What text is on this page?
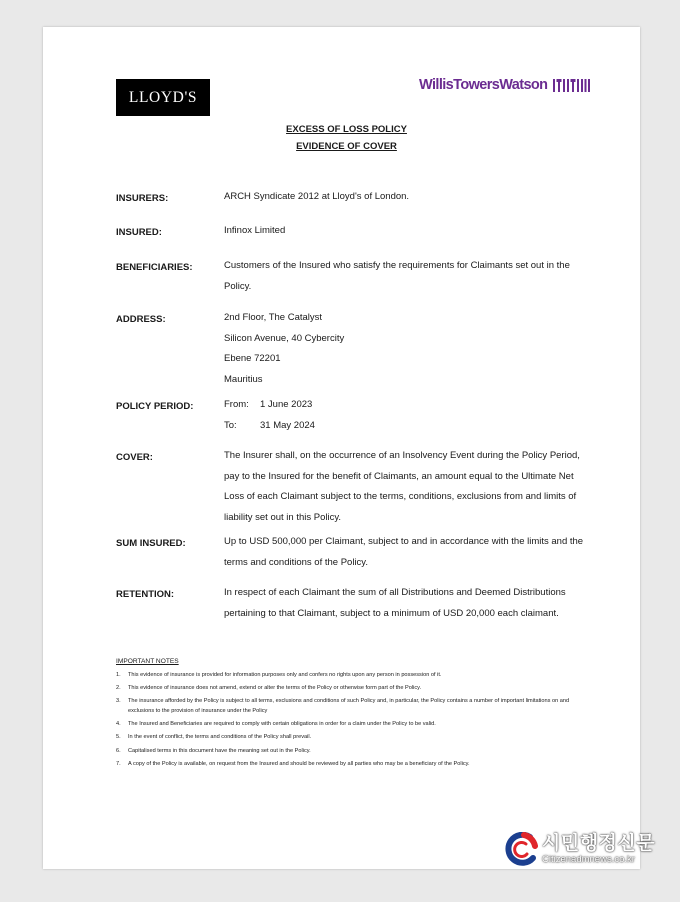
LLOYD'S
WillisTowersWatson
EXCESS OF LOSS POLICY
EVIDENCE OF COVER
INSURERS:	ARCH Syndicate 2012 at Lloyd's of London.
INSURED:	Infinox Limited
BENEFICIARIES:	Customers of the Insured who satisfy the requirements for Claimants set out in the Policy.
ADDRESS:	2nd Floor, The Catalyst
Silicon Avenue, 40 Cybercity
Ebene 72201
Mauritius
POLICY PERIOD:	From:	1 June 2023
To:	31 May 2024
COVER:	The Insurer shall, on the occurrence of an Insolvency Event during the Policy Period, pay to the Insured for the benefit of Claimants, an amount equal to the Ultimate Net Loss of each Claimant subject to the terms, conditions, exclusions from and limits of liability set out in this Policy.
SUM INSURED:	Up to USD 500,000 per Claimant, subject to and in accordance with the limits and the terms and conditions of the Policy.
RETENTION:	In respect of each Claimant the sum of all Distributions and Deemed Distributions pertaining to that Claimant, subject to a minimum of USD 20,000 each claimant.
IMPORTANT NOTES
1.	This evidence of insurance is provided for information purposes only and confers no rights upon any person in possession of it.
2.	This evidence of insurance does not amend, extend or alter the terms of the Policy or otherwise form part of the Policy.
3.	The insurance afforded by the Policy is subject to all terms, exclusions and conditions of such Policy and, in particular, the Policy contains a number of important limitations on and exclusions to the provision of insurance under the Policy
4.	The Insured and Beneficiaries are required to comply with certain obligations in order for a claim under the Policy to be valid.
5.	In the event of conflict, the terms and conditions of the Policy shall prevail.
6.	Capitalised terms in this document have the meaning set out in the Policy.
7.	A copy of the Policy is available, on request from the Insured and should be reviewed by all parties who may be a beneficiary of the Policy.
시민행정신문
Citizenadmnews.co.kr
